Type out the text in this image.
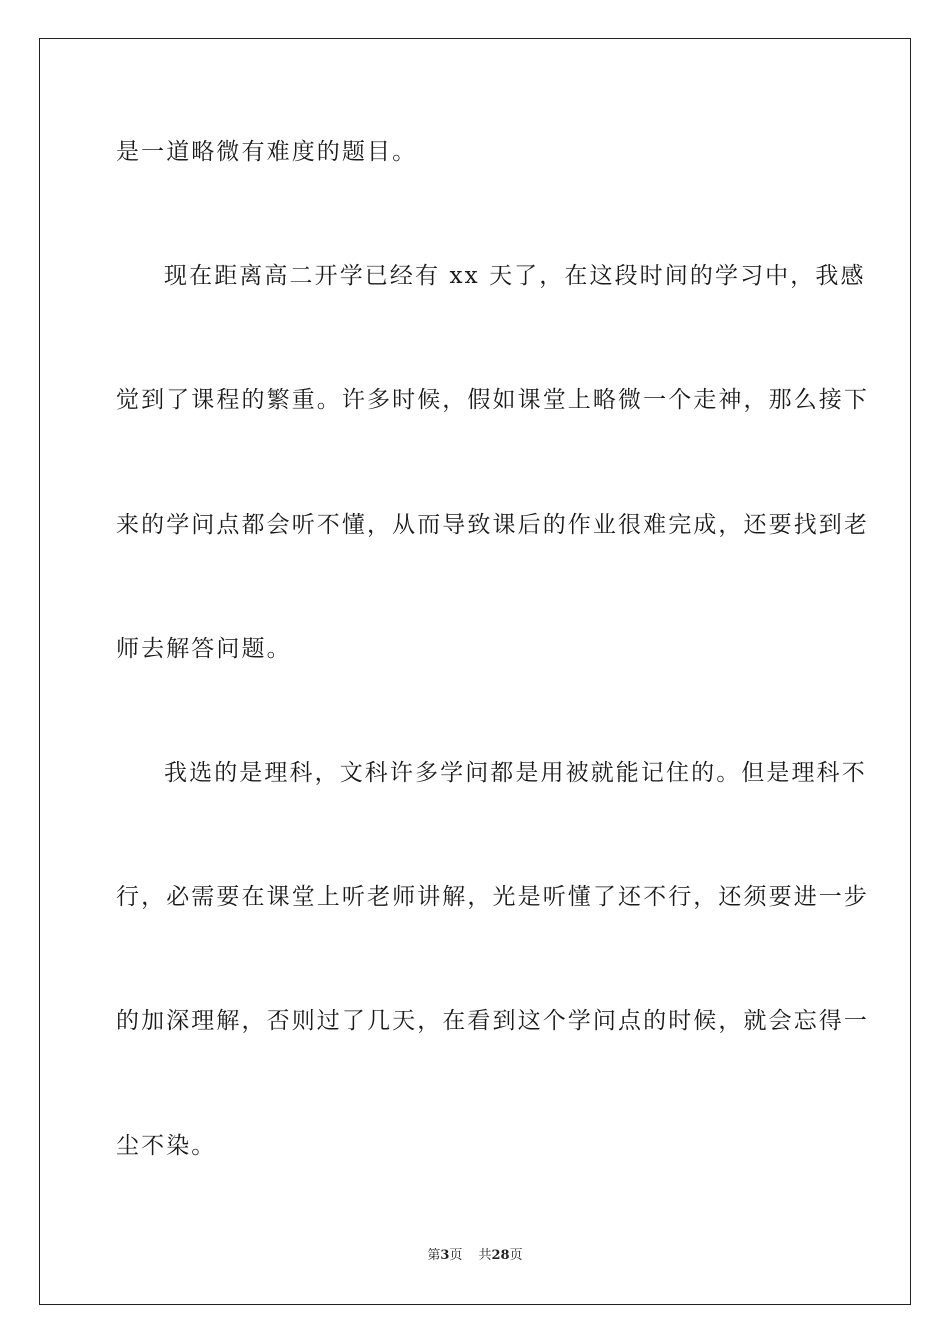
是一道略微有难度的题目。
现在距离高二开学已经有 xx 天了，在这段时间的学习中，我感
觉到了课程的繁重。许多时候，假如课堂上略微一个走神，那么接下
来的学问点都会听不懂，从而导致课后的作业很难完成，还要找到老
师去解答问题。
我选的是理科，文科许多学问都是用被就能记住的。但是理科不
行，必需要在课堂上听老师讲解，光是听懂了还不行，还须要进一步
的加深理解，否则过了几天，在看到这个学问点的时候，就会忘得一
尘不染。
第3页 共28页
